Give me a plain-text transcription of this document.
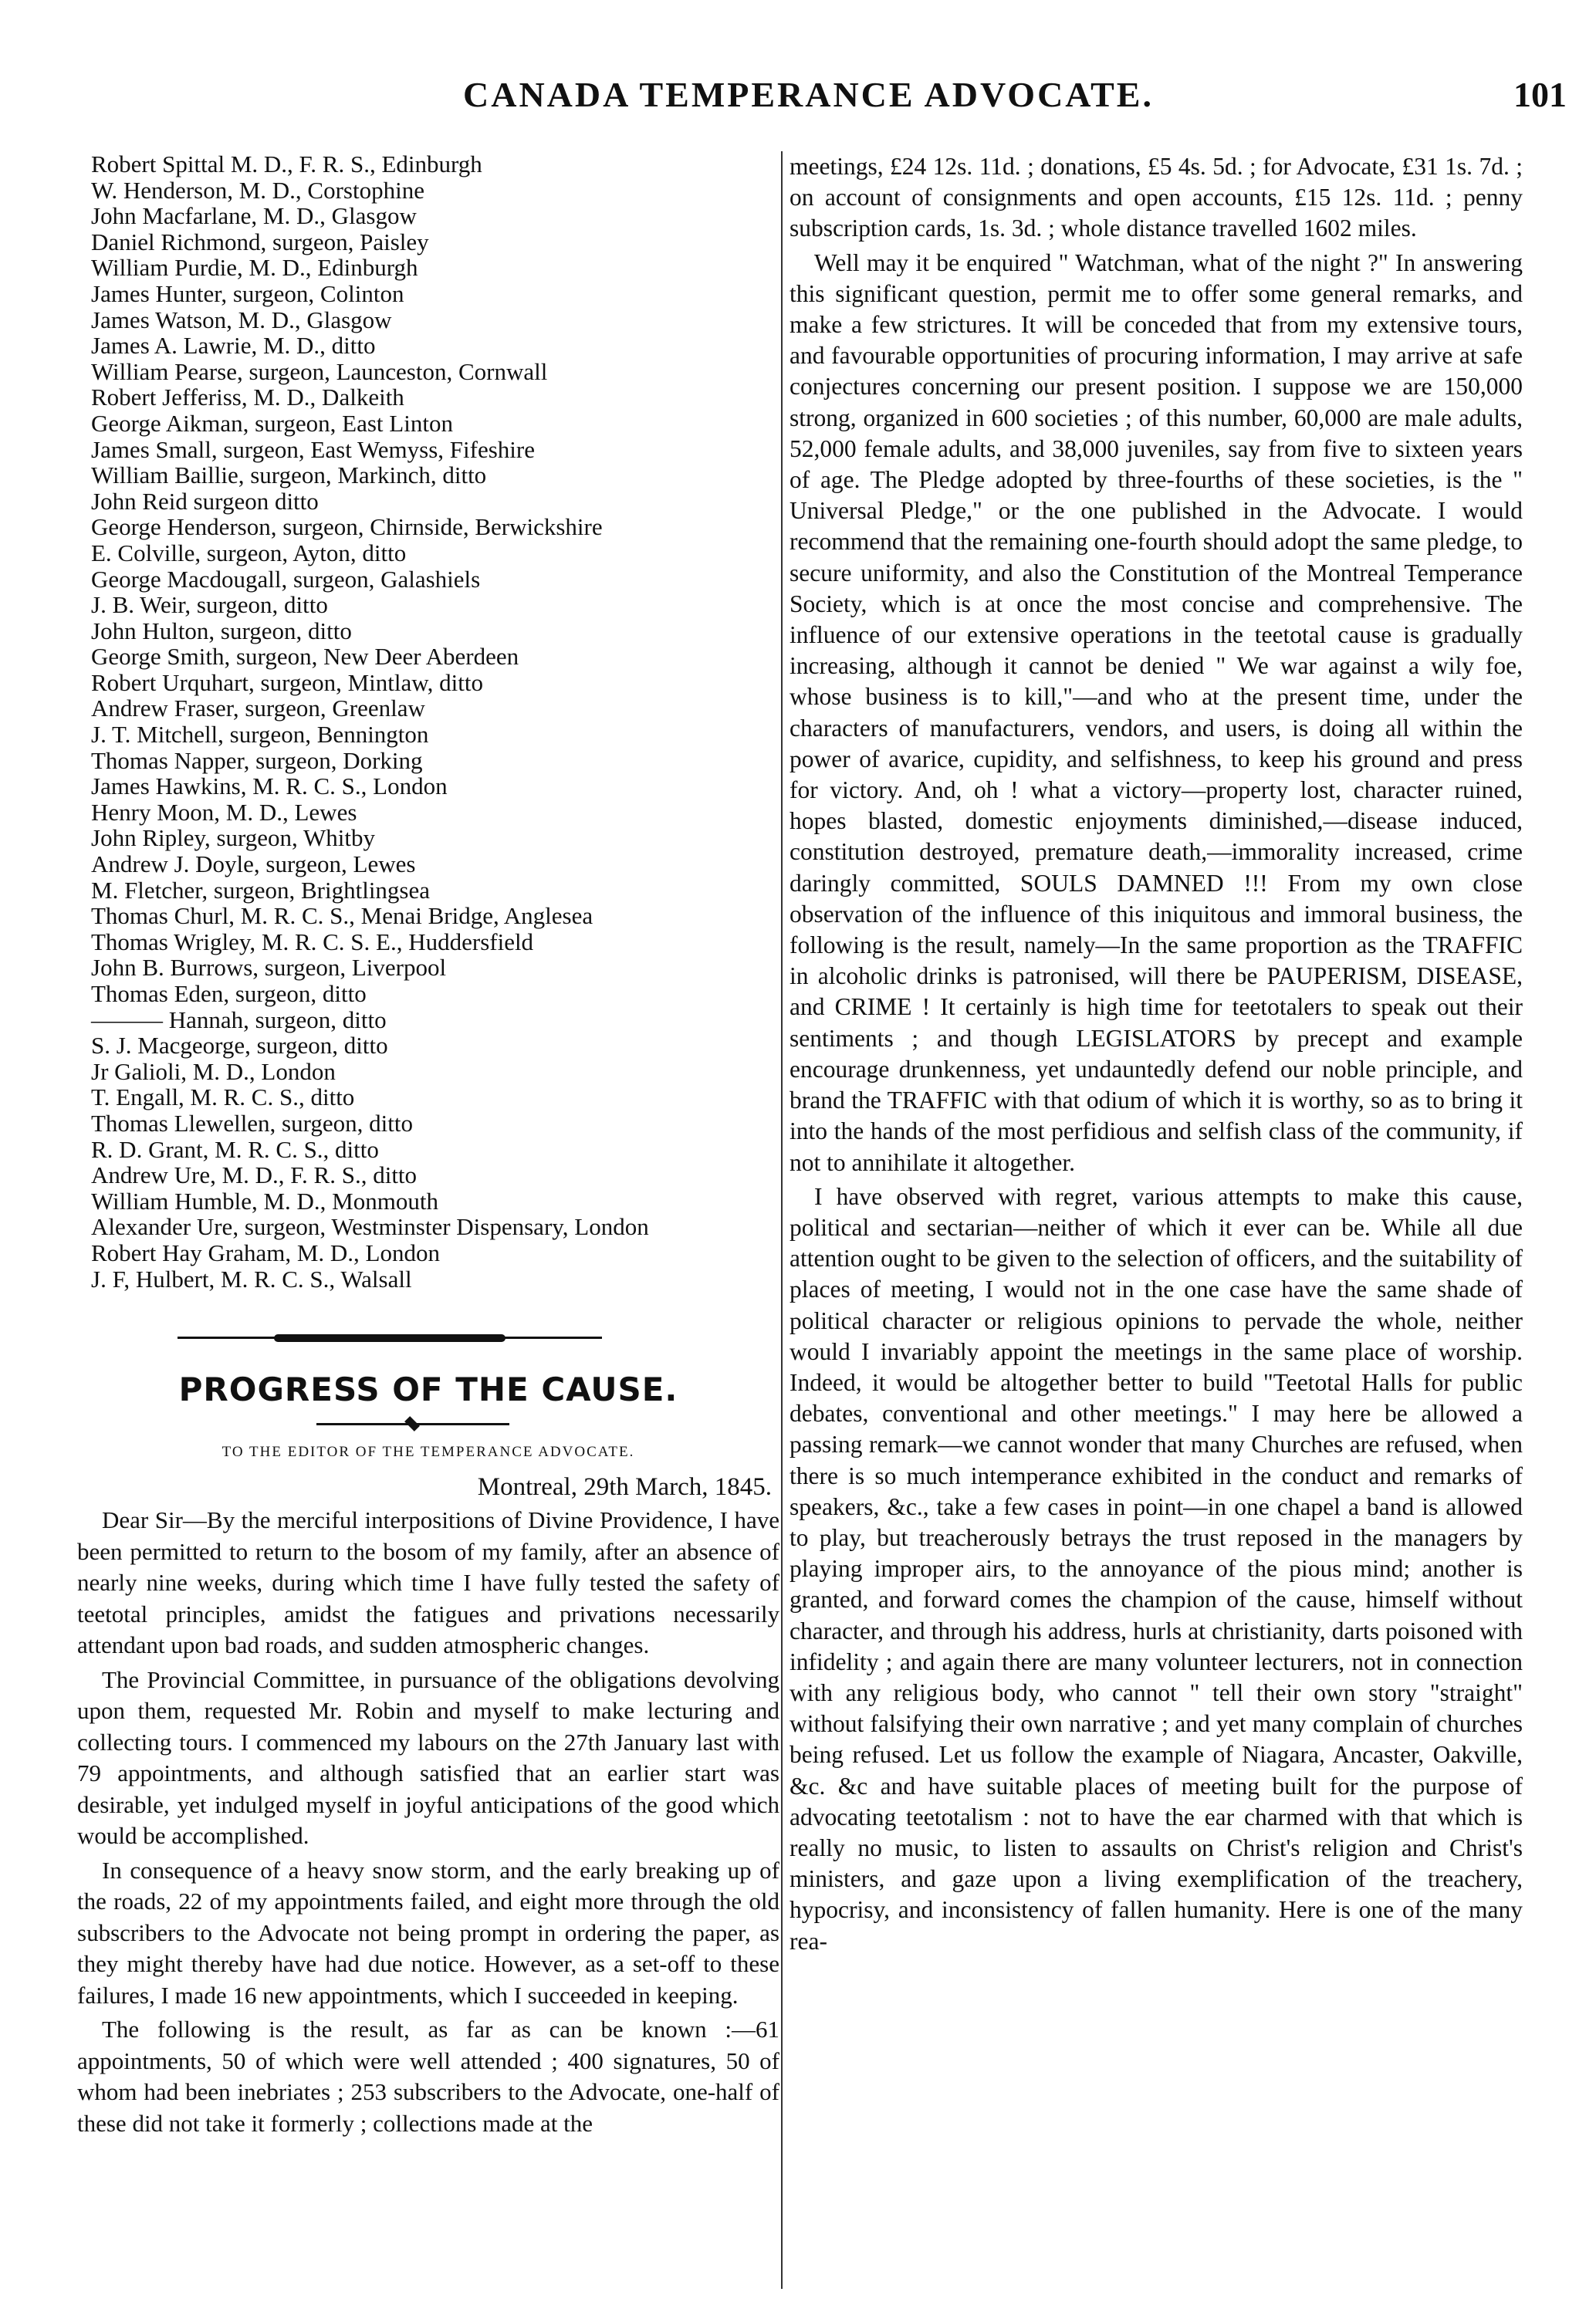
CANADA TEMPERANCE ADVOCATE.	101
Robert Spittal M. D., F. R. S., Edinburgh
W. Henderson, M. D., Corstophine
John Macfarlane, M. D., Glasgow
Daniel Richmond, surgeon, Paisley
William Purdie, M. D., Edinburgh
James Hunter, surgeon, Colinton
James Watson, M. D., Glasgow
James A. Lawrie, M. D., ditto
William Pearse, surgeon, Launceston, Cornwall
Robert Jefferiss, M. D., Dalkeith
George Aikman, surgeon, East Linton
James Small, surgeon, East Wemyss, Fifeshire
William Baillie, surgeon, Markinch, ditto
John Reid surgeon ditto
George Henderson, surgeon, Chirnside, Berwickshire
E. Colville, surgeon, Ayton, ditto
George Macdougall, surgeon, Galashiels
J. B. Weir, surgeon, ditto
John Hulton, surgeon, ditto
George Smith, surgeon, New Deer Aberdeen
Robert Urquhart, surgeon, Mintlaw, ditto
Andrew Fraser, surgeon, Greenlaw
J. T. Mitchell, surgeon, Bennington
Thomas Napper, surgeon, Dorking
James Hawkins, M. R. C. S., London
Henry Moon, M. D., Lewes
John Ripley, surgeon, Whitby
Andrew J. Doyle, surgeon, Lewes
M. Fletcher, surgeon, Brightlingsea
Thomas Churl, M. R. C. S., Menai Bridge, Anglesea
Thomas Wrigley, M. R. C. S. E., Huddersfield
John B. Burrows, surgeon, Liverpool
Thomas Eden, surgeon, ditto
——— Hannah, surgeon, ditto
S. J. Macgeorge, surgeon, ditto
Jr Galioli, M. D., London
T. Engall, M. R. C. S., ditto
Thomas Llewellen, surgeon, ditto
R. D. Grant, M. R. C. S., ditto
Andrew Ure, M. D., F. R. S., ditto
William Humble, M. D., Monmouth
Alexander Ure, surgeon, Westminster Dispensary, London
Robert Hay Graham, M. D., London
J. F, Hulbert, M. R. C. S., Walsall
PROGRESS OF THE CAUSE.
TO THE EDITOR OF THE TEMPERANCE ADVOCATE.
Montreal, 29th March, 1845.

Dear Sir—By the merciful interpositions of Divine Providence, I have been permitted to return to the bosom of my family, after an absence of nearly nine weeks, during which time I have fully tested the safety of teetotal principles, amidst the fatigues and privations necessarily attendant upon bad roads, and sudden atmospheric changes.

The Provincial Committee, in pursuance of the obligations devolving upon them, requested Mr. Robin and myself to make lecturing and collecting tours. I commenced my labours on the 27th January last with 79 appointments, and although satisfied that an earlier start was desirable, yet indulged myself in joyful anticipations of the good which would be accomplished.

In consequence of a heavy snow storm, and the early breaking up of the roads, 22 of my appointments failed, and eight more through the old subscribers to the Advocate not being prompt in ordering the paper, as they might thereby have had due notice. However, as a set-off to these failures, I made 16 new appointments, which I succeeded in keeping.

The following is the result, as far as can be known :—61 appointments, 50 of which were well attended ; 400 signatures, 50 of whom had been inebriates ; 253 subscribers to the Advocate, one-half of these did not take it formerly ; collections made at the

meetings, £24 12s. 11d. ; donations, £5 4s. 5d. ; for Advocate, £31 1s. 7d. ; on account of consignments and open accounts, £15 12s. 11d. ; penny subscription cards, 1s. 3d. ; whole distance travelled 1602 miles.

Well may it be enquired " Watchman, what of the night ?" In answering this significant question, permit me to offer some general remarks, and make a few strictures. It will be conceded that from my extensive tours, and favourable opportunities of procuring information, I may arrive at safe conjectures concerning our present position. I suppose we are 150,000 strong, organized in 600 societies ; of this number, 60,000 are male adults, 52,000 female adults, and 38,000 juveniles, say from five to sixteen years of age. The Pledge adopted by three-fourths of these societies, is the " Universal Pledge," or the one published in the Advocate. I would recommend that the remaining one-fourth should adopt the same pledge, to secure uniformity, and also the Constitution of the Montreal Temperance Society, which is at once the most concise and comprehensive. The influence of our extensive operations in the teetotal cause is gradually increasing, although it cannot be denied " We war against a wily foe, whose business is to kill,"—and who at the present time, under the characters of manufacturers, vendors, and users, is doing all within the power of avarice, cupidity, and selfishness, to keep his ground and press for victory. And, oh ! what a victory—property lost, character ruined, hopes blasted, domestic enjoyments diminished,—disease induced, constitution destroyed, premature death,—immorality increased, crime daringly committed, SOULS DAMNED !!! From my own close observation of the influence of this iniquitous and immoral business, the following is the result, namely—In the same proportion as the TRAFFIC in alcoholic drinks is patronised, will there be PAUPERISM, DISEASE, and CRIME ! It certainly is high time for teetotalers to speak out their sentiments ; and though LEGISLATORS by precept and example encourage drunkenness, yet undauntedly defend our noble principle, and brand the TRAFFIC with that odium of which it is worthy, so as to bring it into the hands of the most perfidious and selfish class of the community, if not to annihilate it altogether.

I have observed with regret, various attempts to make this cause, political and sectarian—neither of which it ever can be. While all due attention ought to be given to the selection of officers, and the suitability of places of meeting, I would not in the one case have the same shade of political character or religious opinions to pervade the whole, neither would I invariably appoint the meetings in the same place of worship. Indeed, it would be altogether better to build "Teetotal Halls for public debates, conventional and other meetings." I may here be allowed a passing remark—we cannot wonder that many Churches are refused, when there is so much intemperance exhibited in the conduct and remarks of speakers, &c., take a few cases in point—in one chapel a band is allowed to play, but treacherously betrays the trust reposed in the managers by playing improper airs, to the annoyance of the pious mind; another is granted, and forward comes the champion of the cause, himself without character, and through his address, hurls at christianity, darts poisoned with infidelity ; and again there are many volunteer lecturers, not in connection with any religious body, who cannot " tell their own story "straight" without falsifying their own narrative ; and yet many complain of churches being refused. Let us follow the example of Niagara, Ancaster, Oakville, &c. &c and have suitable places of meeting built for the purpose of advocating teetotalism : not to have the ear charmed with that which is really no music, to listen to assaults on Christ's religion and Christ's ministers, and gaze upon a living exemplification of the treachery, hypocrisy, and inconsistency of fallen humanity. Here is one of the many rea-
